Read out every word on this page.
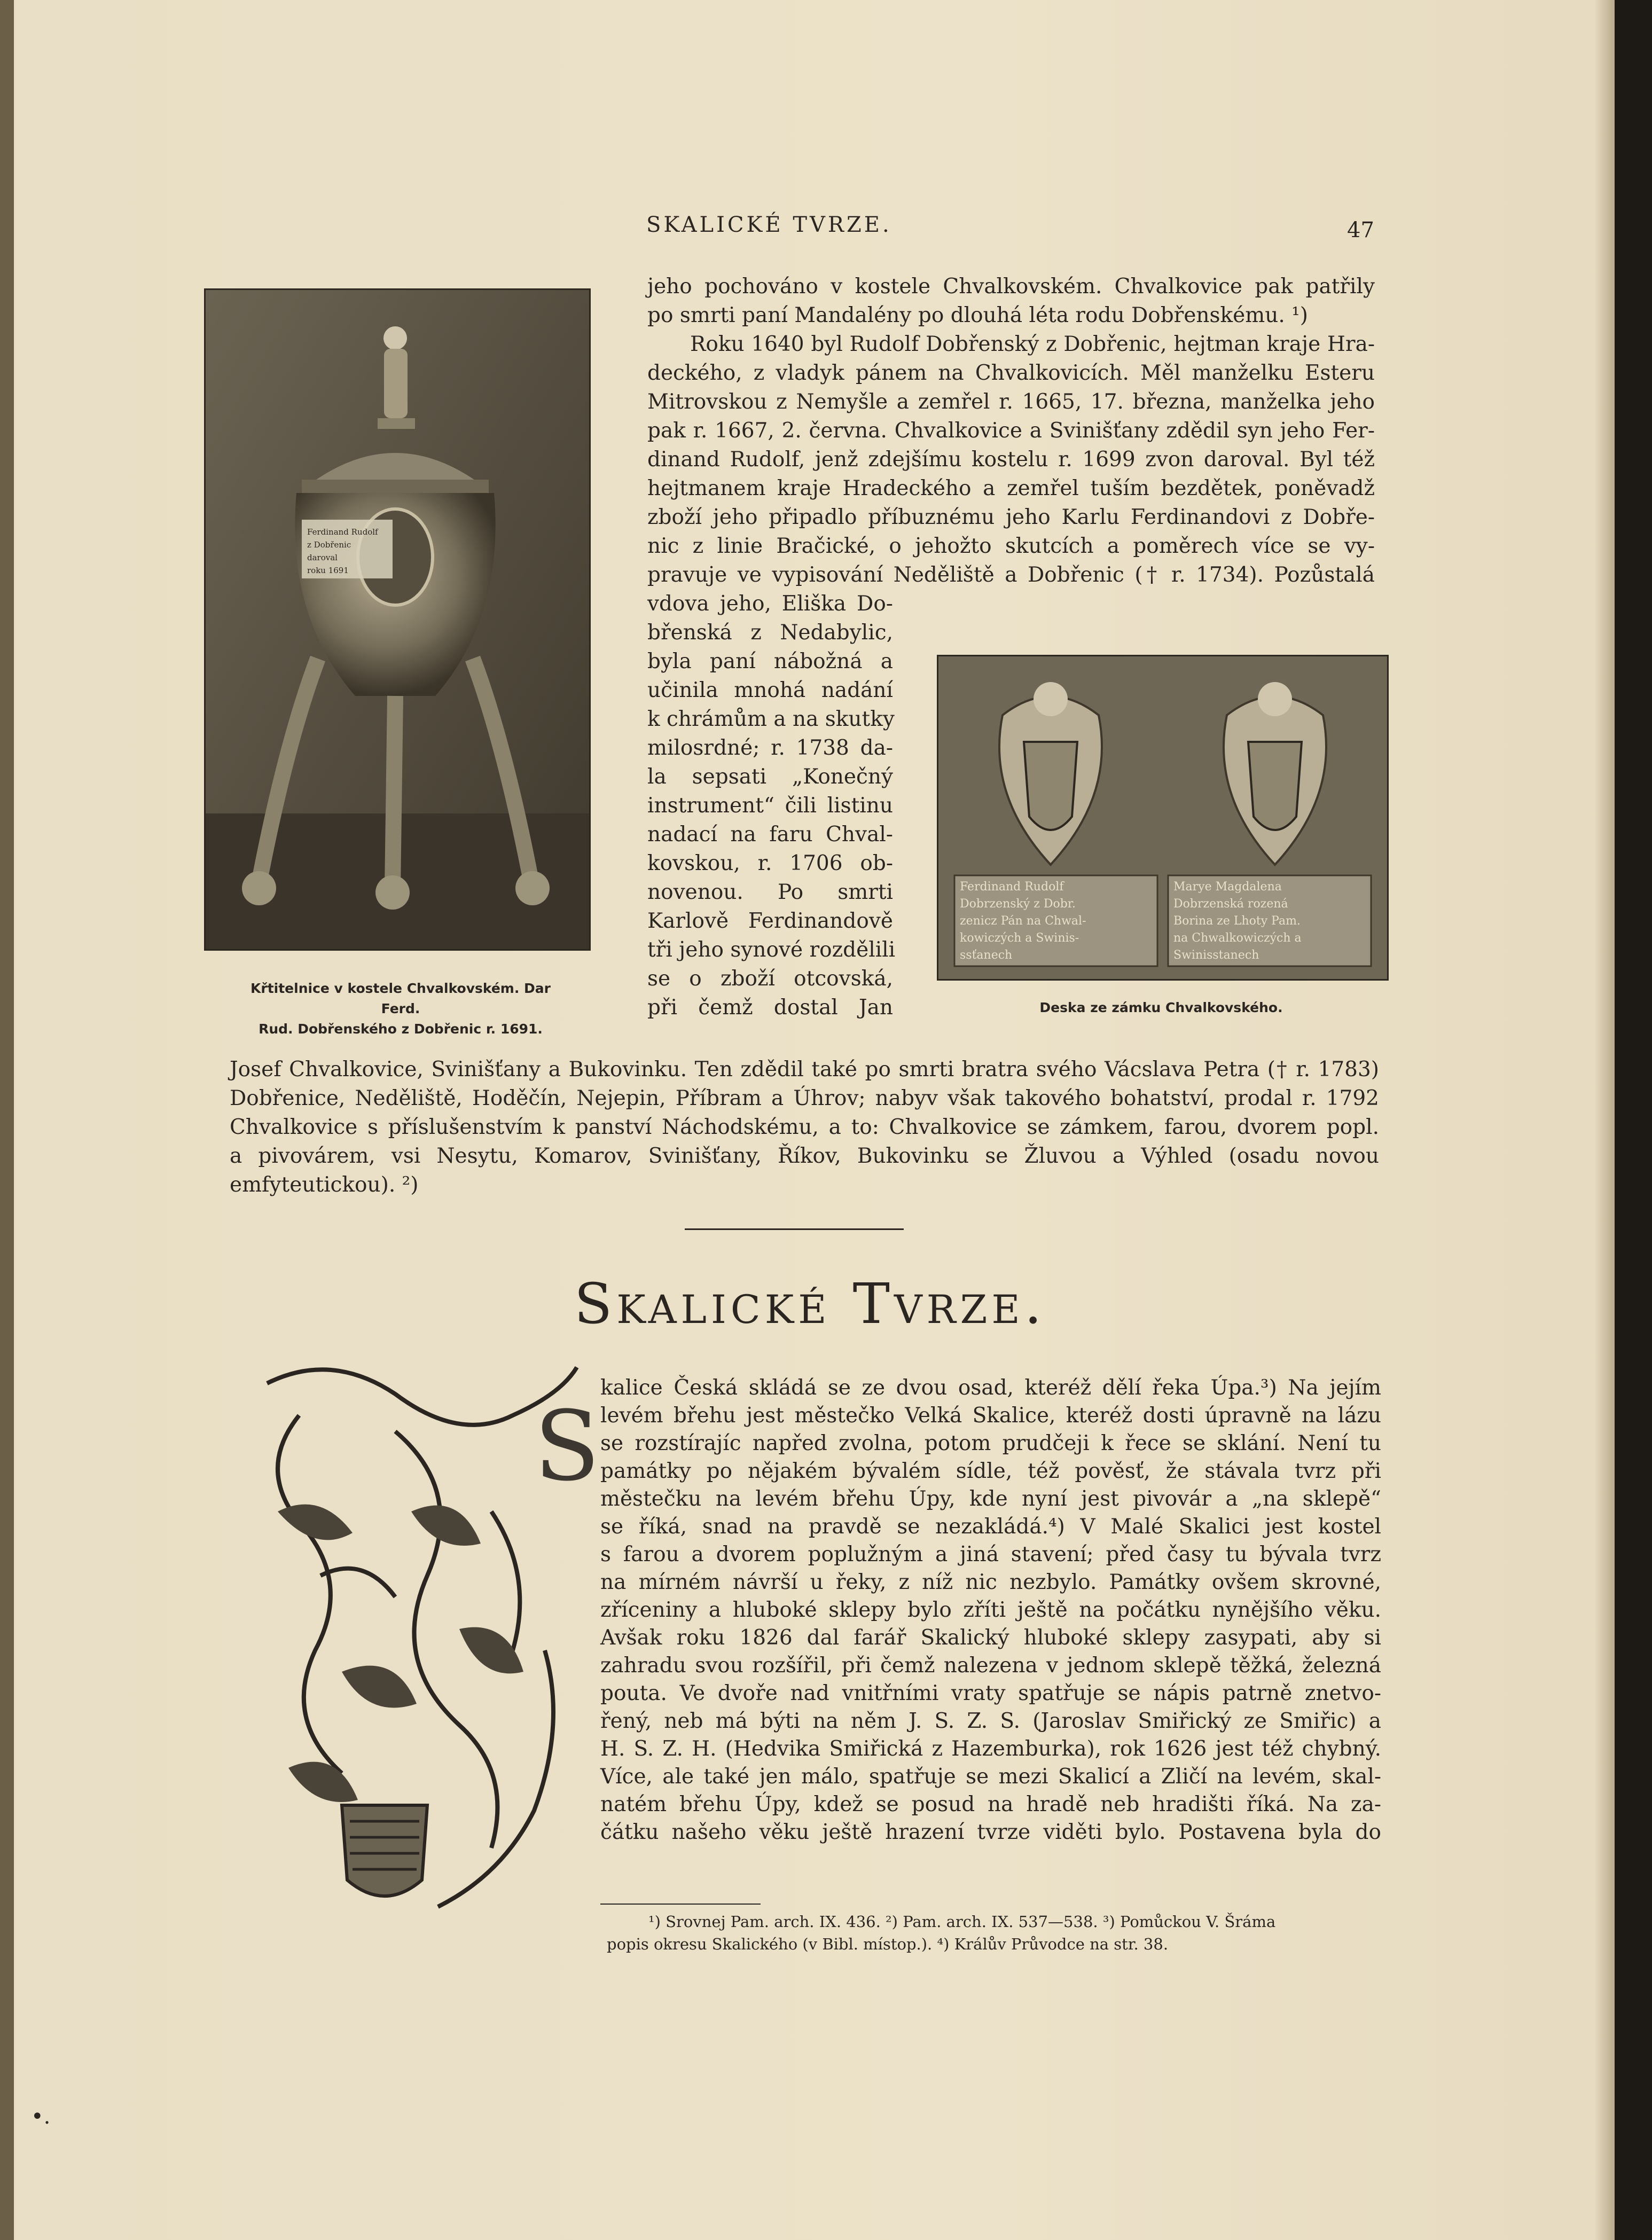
SKALICKÉ TVRZE.	47
Ferdinand Rudolf
z Dobřenic
daroval
roku 1691
Křtitelnice v kostele Chvalkovském. Dar Ferd.
Rud. Dobřenského z Dobřenic r. 1691.
jeho pochováno v kostele Chvalkovském. Chvalkovice pak patřily
po smrti paní Mandalény po dlouhá léta rodu Dobřenskému. ¹)
Roku 1640 byl Rudolf Dobřenský z Dobřenic, hejtman kraje Hra-
deckého, z vladyk pánem na Chvalkovicích. Měl manželku Esteru
Mitrovskou z Nemyšle a zemřel r. 1665, 17. března, manželka jeho
pak r. 1667, 2. června. Chvalkovice a Svinišťany zdědil syn jeho Fer-
dinand Rudolf, jenž zdejšímu kostelu r. 1699 zvon daroval. Byl též
hejtmanem kraje Hradeckého a zemřel tuším bezdětek, poněvadž
zboží jeho připadlo příbuznému jeho Karlu Ferdinandovi z Dobře-
nic z linie Bračické, o jehožto skutcích a poměrech více se vy-
pravuje ve vypisování Neděliště a Dobřenic († r. 1734). Pozůstalá
vdova jeho, Eliška Do-
břenská z Nedabylic,
byla paní nábožná a
učinila mnohá nadání
k chrámům a na skutky
milosrdné; r. 1738 da-
la sepsati „Konečný
instrument“ čili listinu
nadací na faru Chval-
kovskou, r. 1706 ob-
novenou. Po smrti
Karlově Ferdinandově
tři jeho synové rozdělili
se o zboží otcovská,
při čemž dostal Jan
Ferdinand Rudolf
Dobrzenský z Dobr.
zenicz Pán na Chwal-
kowiczých a Swinis-
ssťanech
Marye Magdalena
Dobrzenská rozená
Borina ze Lhoty Pam.
na Chwalkowiczých a
Swinisstanech
Deska ze zámku Chvalkovského.
Josef Chvalkovice, Svinišťany a Bukovinku. Ten zdědil také po smrti bratra svého Vácslava Petra († r. 1783)
Dobřenice, Neděliště, Hoděčín, Nejepin, Příbram a Úhrov; nabyv však takového bohatství, prodal r. 1792
Chvalkovice s příslušenstvím k panství Náchodskému, a to: Chvalkovice se zámkem, farou, dvorem popl.
a pivovárem, vsi Nesytu, Komarov, Svinišťany, Říkov, Bukovinku se Žluvou a Výhled (osadu novou
emfyteutickou). ²)
Skalické Tvrze.
S
kalice Česká skládá se ze dvou osad, kteréž dělí řeka Úpa.³) Na jejím
levém břehu jest městečko Velká Skalice, kteréž dosti úpravně na lázu
se rozstírajíc napřed zvolna, potom prudčeji k řece se sklání. Není tu
památky po nějakém bývalém sídle, též pověsť, že stávala tvrz při
městečku na levém břehu Úpy, kde nyní jest pivovár a „na sklepě“
se říká, snad na pravdě se nezakládá.⁴) V Malé Skalici jest kostel
s farou a dvorem poplužným a jiná stavení; před časy tu bývala tvrz
na mírném návrší u řeky, z níž nic nezbylo. Památky ovšem skrovné,
zříceniny a hluboké sklepy bylo zříti ještě na počátku nynějšího věku.
Avšak roku 1826 dal farář Skalický hluboké sklepy zasypati, aby si
zahradu svou rozšířil, při čemž nalezena v jednom sklepě těžká, železná
pouta. Ve dvoře nad vnitřními vraty spatřuje se nápis patrně znetvo-
řený, neb má býti na něm J. S. Z. S. (Jaroslav Smiřický ze Smiřic) a
H. S. Z. H. (Hedvika Smiřická z Hazemburka), rok 1626 jest též chybný.
Více, ale také jen málo, spatřuje se mezi Skalicí a Zličí na levém, skal-
natém břehu Úpy, kdež se posud na hradě neb hradišti říká. Na za-
čátku našeho věku ještě hrazení tvrze viděti bylo. Postavena byla do
¹) Srovnej Pam. arch. IX. 436. ²) Pam. arch. IX. 537—538. ³) Pomůckou V. Šráma
popis okresu Skalického (v Bibl. místop.). ⁴) Králův Průvodce na str. 38.
•.
